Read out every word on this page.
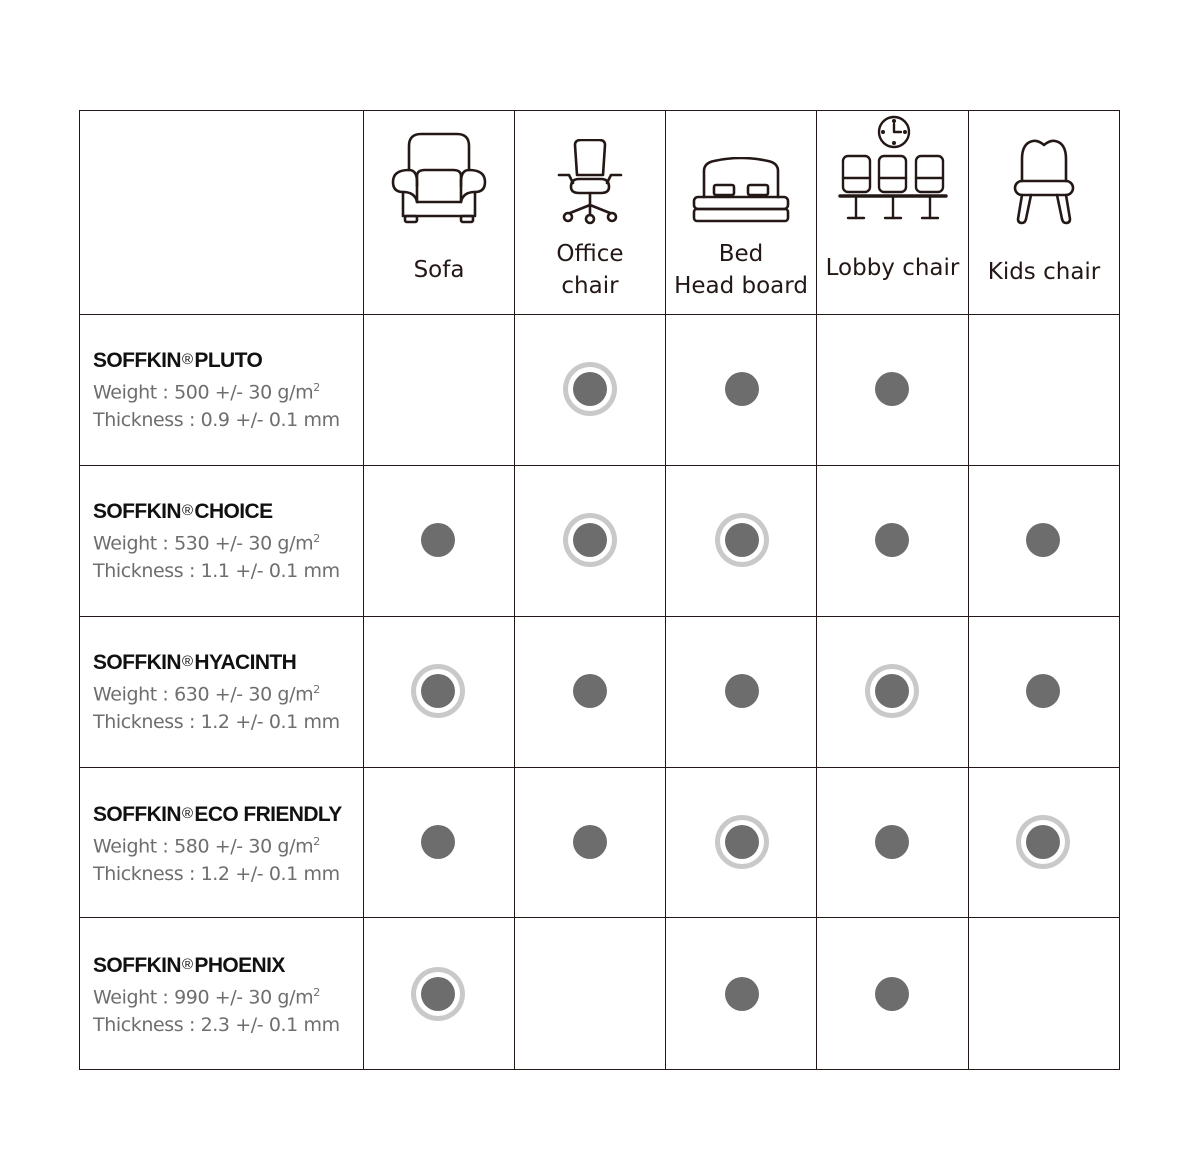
Sofa
Office
chair
Bed
Head board
Lobby chair	Kids chair
SOFFKIN®PLUTO
Weight : 500 +/- 30 $g/m^2$
Thickness : 0.9 +/- 0.1 mm
SOFFKIN®CHOICE
Weight : 530 +/- 30 $g/m^2$
Thickness : 1.1 +/- 0.1 mm
SOFFKIN®HYACINTH
Weight : 630 +/- 30 $g/m^2$
Thickness : 1.2 +/- 0.1 mm
SOFFKIN®ECO FRIENDLY
Weight : 580 +/- 30 $g/m^2$
Thickness : 1.2 +/- 0.1 mm
SOFFKIN®PHOENIX
Weight : 990 +/- 30 $g/m^2$
Thickness : 2.3 +/- 0.1 mm
